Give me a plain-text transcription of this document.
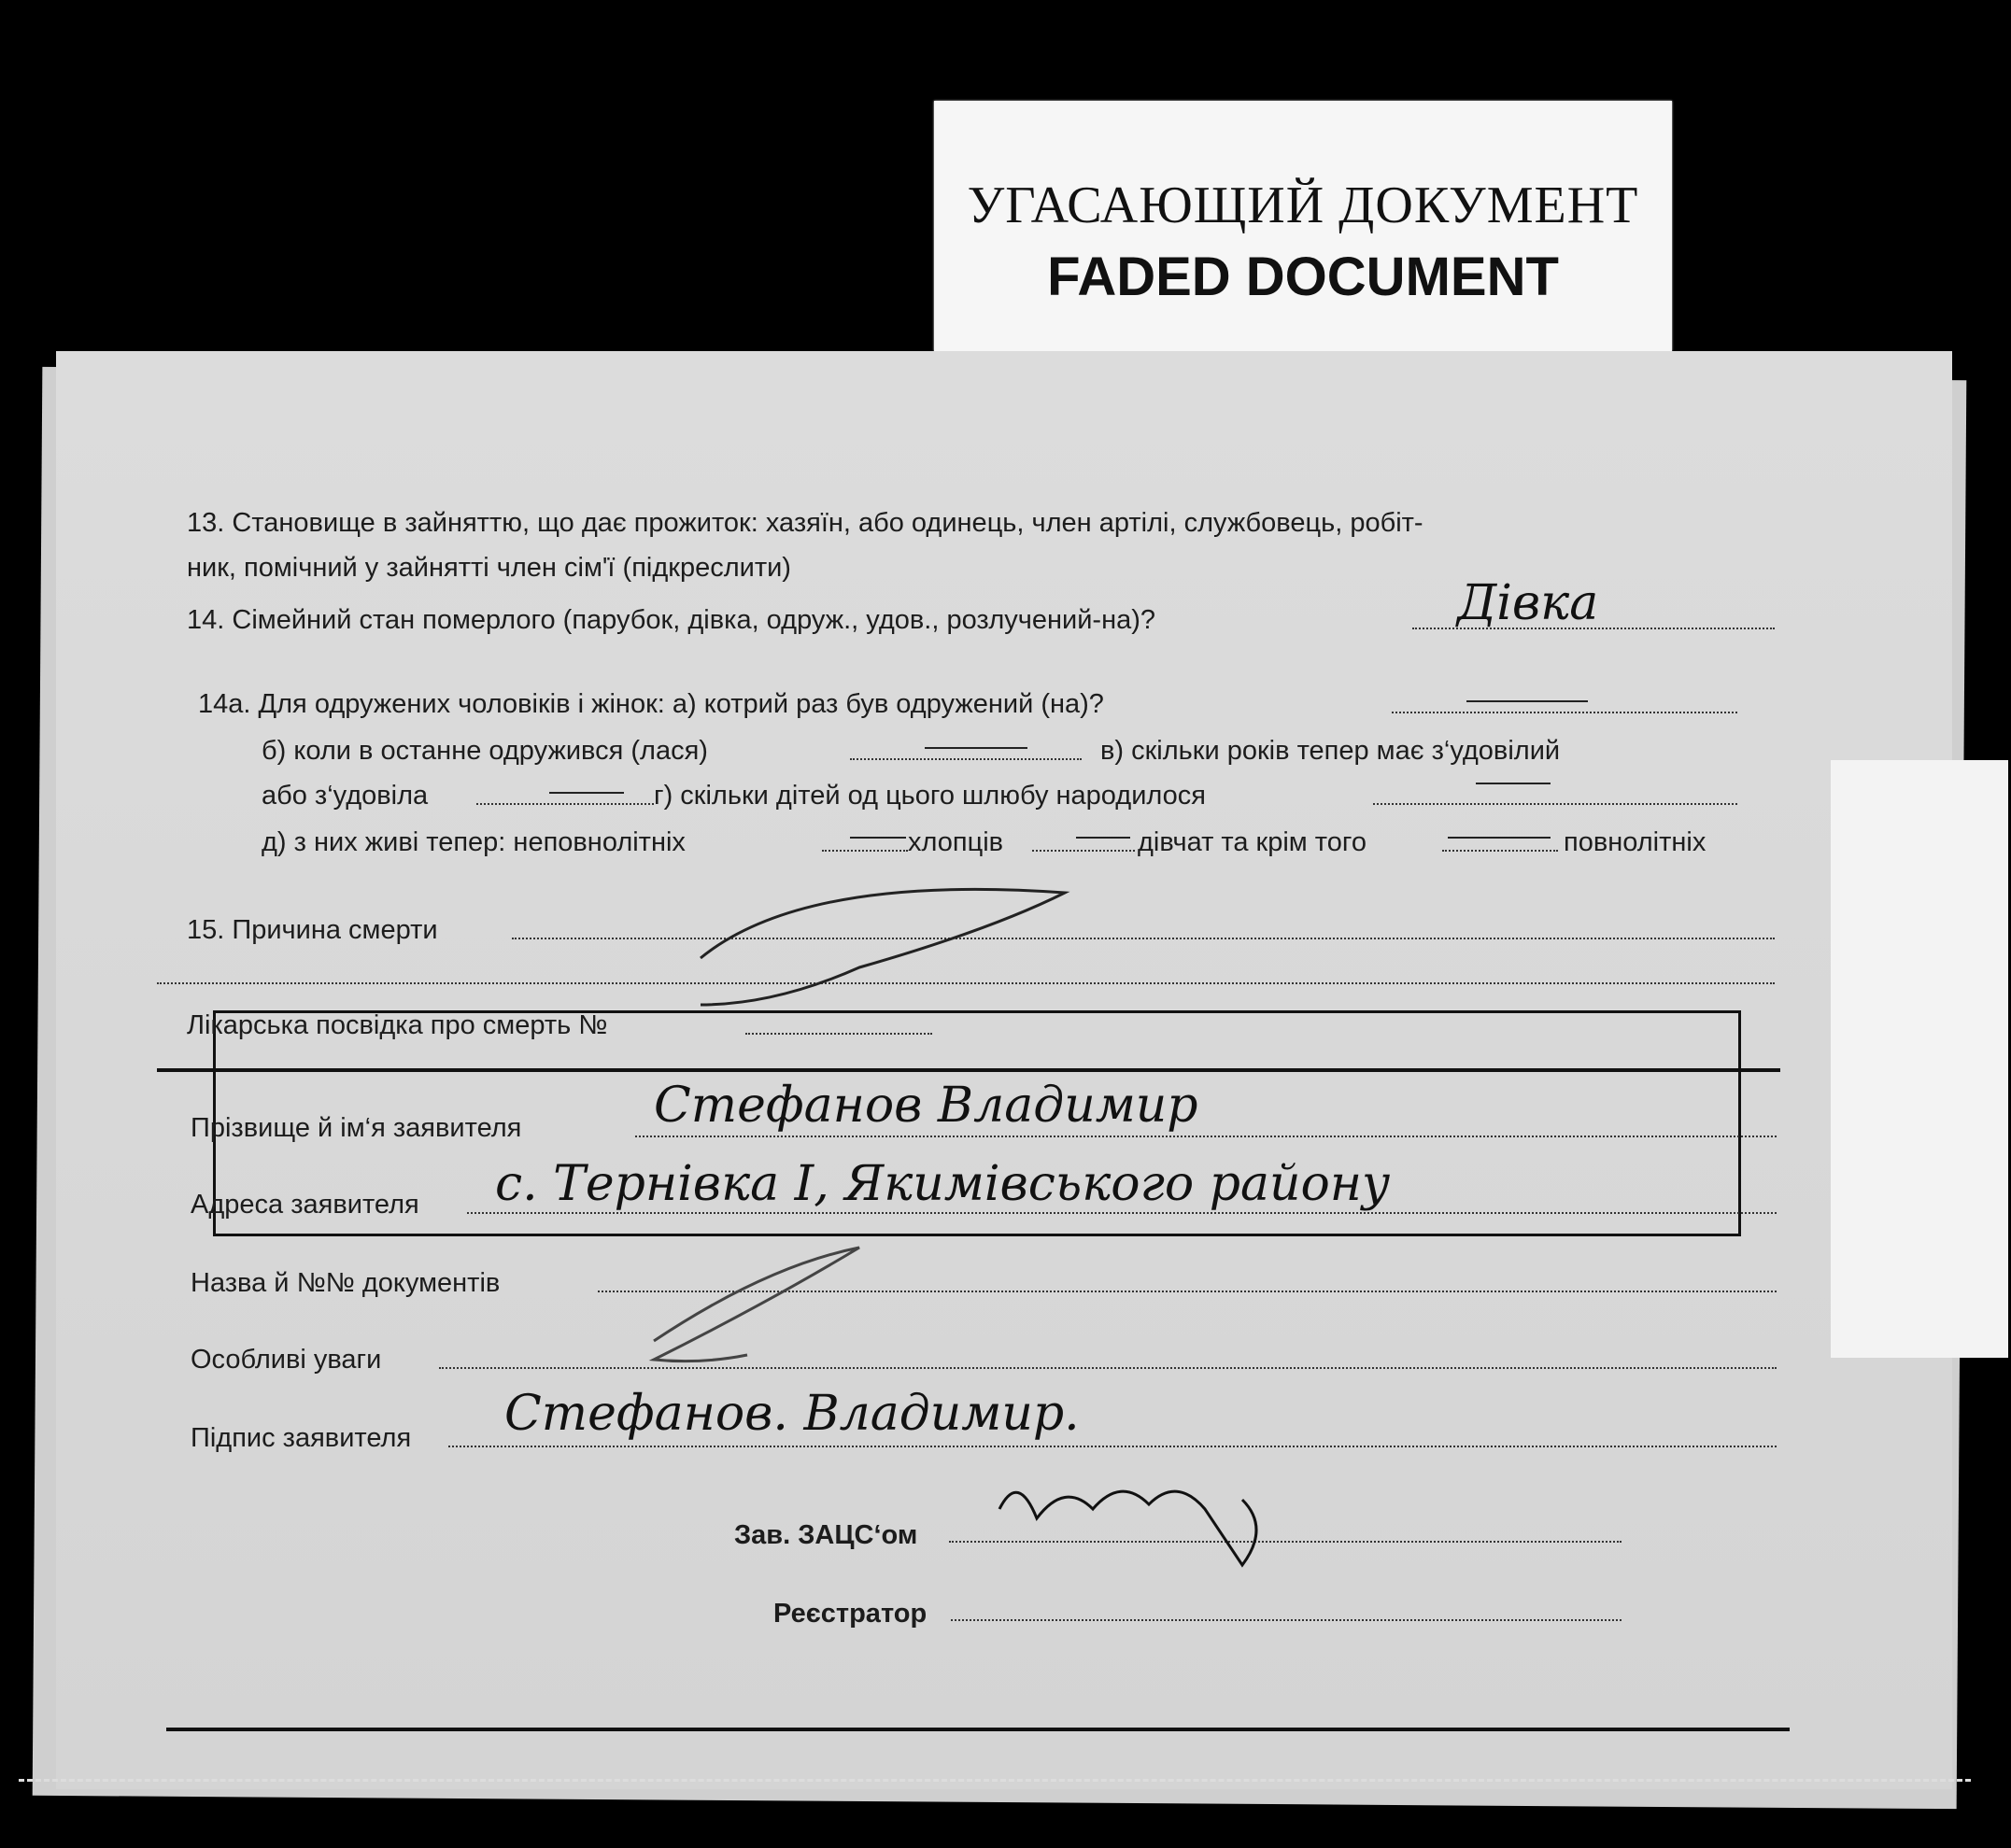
УГАСАЮЩИЙ ДОКУМЕНТ
FADED DOCUMENT
13. Становище в зайняттю, що дає прожиток: хазяїн, або одинець, член артілі, службовець, робіт-
ник, помічний у зайнятті член сім'ї (підкреслити)
14. Сімейний стан померлого (парубок, дівка, одруж., удов., розлучений-на)?	Дівка
14а. Для одружених чоловіків і жінок: а) котрий раз був одружений (на)?
б) коли в останне одружився (лася)	в) скільки років тепер має з‘удовілий
або з‘удовіла	г) скільки дітей од цього шлюбу народилося
д) з них живі тепер: неповнолітніх	хлопців	дівчат та крім того	повнолітніх
15. Причина смерти
Лікарська посвідка про смерть №
Прізвище й ім‘я заявителя	Стефанов Владимир
Адреса заявителя с. Тернівка I, Якимівського району
Назва й №№ документів
Особливі уваги
Підпис заявителя Стефанов. Владимир.
Зав. ЗАЦС‘ом
Реєстратор
